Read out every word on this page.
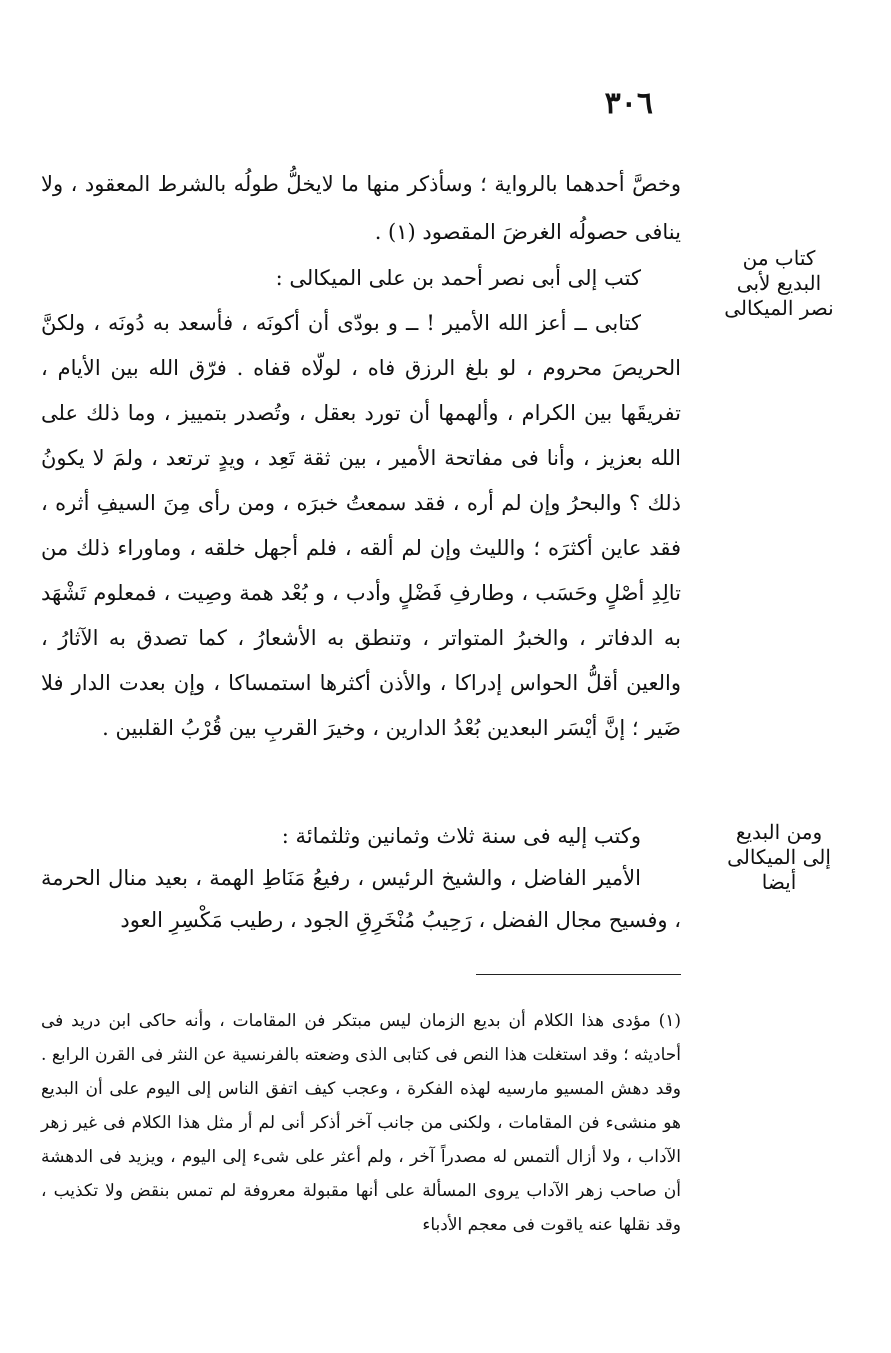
٣٠٦
كتاب من البديع لأبى نصر الميكالى
ومن البديع إلى الميكالى أيضا
وخصَّ أحدهما بالرواية ؛ وسأذكر منها ما لايخلُّ طولُه بالشرط المعقود ، ولا ينافى حصولُه الغرضَ المقصود (١) .
كتب إلى أبى نصر أحمد بن على الميكالى :
كتابى ــ أعز الله الأمير ! ــ و بودّى أن أكونَه ، فأسعد به دُونَه ، ولكنَّ الحريصَ محروم ، لو بلغ الرزق فاه ، لولّاه قفاه . فرّق الله بين الأيام ، تفريقَها بين الكرام ، وألهمها أن تورد بعقل ، وتُصدر بتمييز ، وما ذلك على الله بعزيز ، وأنا فى مفاتحة الأمير ، بين ثقة تَعِد ، ويدٍ ترتعد ، ولمَ لا يكونُ ذلك ؟ والبحرُ وإن لم أره ، فقد سمعتُ خبرَه ، ومن رأى مِنَ السيفِ أثره ، فقد عاين أكثرَه ؛ والليث وإن لم ألقه ، فلم أجهل خلقه ، وماوراء ذلك من تالِدِ أصْلٍ وحَسَب ، وطارفِ فَضْلٍ وأدب ، و بُعْد همة وصِيت ، فمعلوم تَشْهَد به الدفاتر ، والخبرُ المتواتر ، وتنطق به الأشعارُ ، كما تصدق به الآثارُ ، والعين أقلُّ الحواس إدراكا ، والأذن أكثرها استمساكا ، وإن بعدت الدار فلا ضَير ؛ إنَّ أيْسَر البعدين بُعْدُ الدارين ، وخيرَ القربِ بين قُرْبُ القلبين .
وكتب إليه فى سنة ثلاث وثمانين وثلثمائة :
الأمير الفاضل ، والشيخ الرئيس ، رفيعُ مَنَاطِ الهمة ، بعيد منال الحرمة ، وفسيح مجال الفضل ، رَحِيبُ مُنْخَرِقِ الجود ، رطيب مَكْسِرِ العود
(١) مؤدى هذا الكلام أن بديع الزمان ليس مبتكر فن المقامات ، وأنه حاكى ابن دريد فى أحاديثه ؛ وقد استغلت هذا النص فى كتابى الذى وضعته بالفرنسية عن النثر فى القرن الرابع . وقد دهش المسيو مارسيه لهذه الفكرة ، وعجب كيف اتفق الناس إلى اليوم على أن البديع هو منشىء فن المقامات ، ولكنى من جانب آخر أذكر أنى لم أر مثل هذا الكلام فى غير زهر الآداب ، ولا أزال ألتمس له مصدراً آخر ، ولم أعثر على شىء إلى اليوم ، ويزيد فى الدهشة أن صاحب زهر الآداب يروى المسألة على أنها مقبولة معروفة لم تمس بنقض ولا تكذيب ، وقد نقلها عنه ياقوت فى معجم الأدباء
